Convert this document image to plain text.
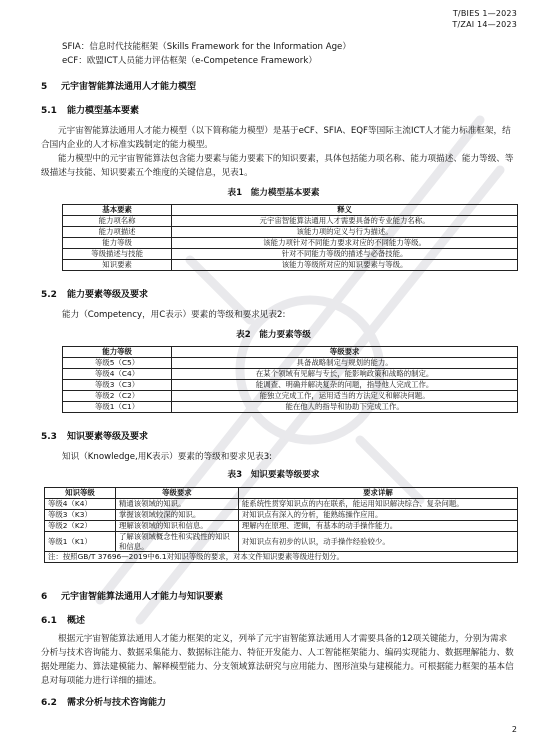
T/BIES 1—2023
T/ZAI 14—2023

SFIA：信息时代技能框架（Skills Framework for the Information Age）

eCF：欧盟ICT人员能力评估框架（e-Competence Framework）

5 元宇宙智能算法通用人才能力模型
5.1 能力模型基本要素

元宇宙智能算法通用人才能力模型（以下简称能力模型）是基于eCF、SFIA、EQF等国际主流ICT人才能力标准框架，结合国内企业的人才标准实践制定的能力模型。

能力模型中的元宇宙智能算法包含能力要素与能力要素下的知识要素，具体包括能力项名称、能力项描述、能力等级、等级描述与技能、知识要素五个维度的关键信息，见表1。

表1　能力模型基本要素
基本要素	释义
能力项名称	元宇宙智能算法通用人才需要具备的专业能力名称。
能力项描述	该能力项的定义与行为描述。
能力等级	该能力项针对不同能力要求对应的不同能力等级。
等级描述与技能	针对不同能力等级的描述与必备技能。
知识要素	该能力等级所对应的知识要素与等级。
5.2 能力要素等级及要求

能力（Competency，用C表示）要素的等级和要求见表2:

表2　能力要素等级
能力等级	等级要求
等级5（C5）	具备战略制定与规划的能力。
等级4（C4）	在某个领域有见解与专长，能影响政策和战略的制定。
等级3（C3）	能调查、明确并解决复杂的问题，指导他人完成工作。
等级2（C2）	能独立完成工作，运用适当的方法定义和解决问题。
等级1（C1）	能在他人的指导和协助下完成工作。
5.3 知识要素等级及要求

知识（Knowledge,用K表示）要素的等级和要求见表3:

表3　知识要素等级要求
知识等级	等级要求	要求详解
等级4（K4）	精通该领域的知识。	能系统性贯穿知识点的内在联系，能运用知识解决综合、复杂问题。
等级3（K3）	掌握该领域较深的知识。	对知识点有深入的分析，能熟练操作应用。
等级2（K2）	理解该领域的知识和信息。	理解内在原理、逻辑，有基本的动手操作能力。
等级1（K1）	了解该领域概念性和实践性的知识和信息。	对知识点有初步的认识，动手操作经验较少。
注：按照GB/T 37696—2019中6.1对知识等级的要求，对本文件知识要素等级进行划分。		
6 元宇宙智能算法通用人才能力与知识要素
6.1 概述

根据元宇宙智能算法通用人才能力框架的定义，列举了元宇宙智能算法通用人才需要具备的12项关键能力，分别为需求分析与技术咨询能力、数据采集能力、数据标注能力、特征开发能力、人工智能框架能力、编码实现能力、数据理解能力、数据处理能力、算法建模能力、解释模型能力、分支领域算法研究与应用能力、图形渲染与建模能力。可根据能力框架的基本信息对每项能力进行详细的描述。

6.2 需求分析与技术咨询能力
2
